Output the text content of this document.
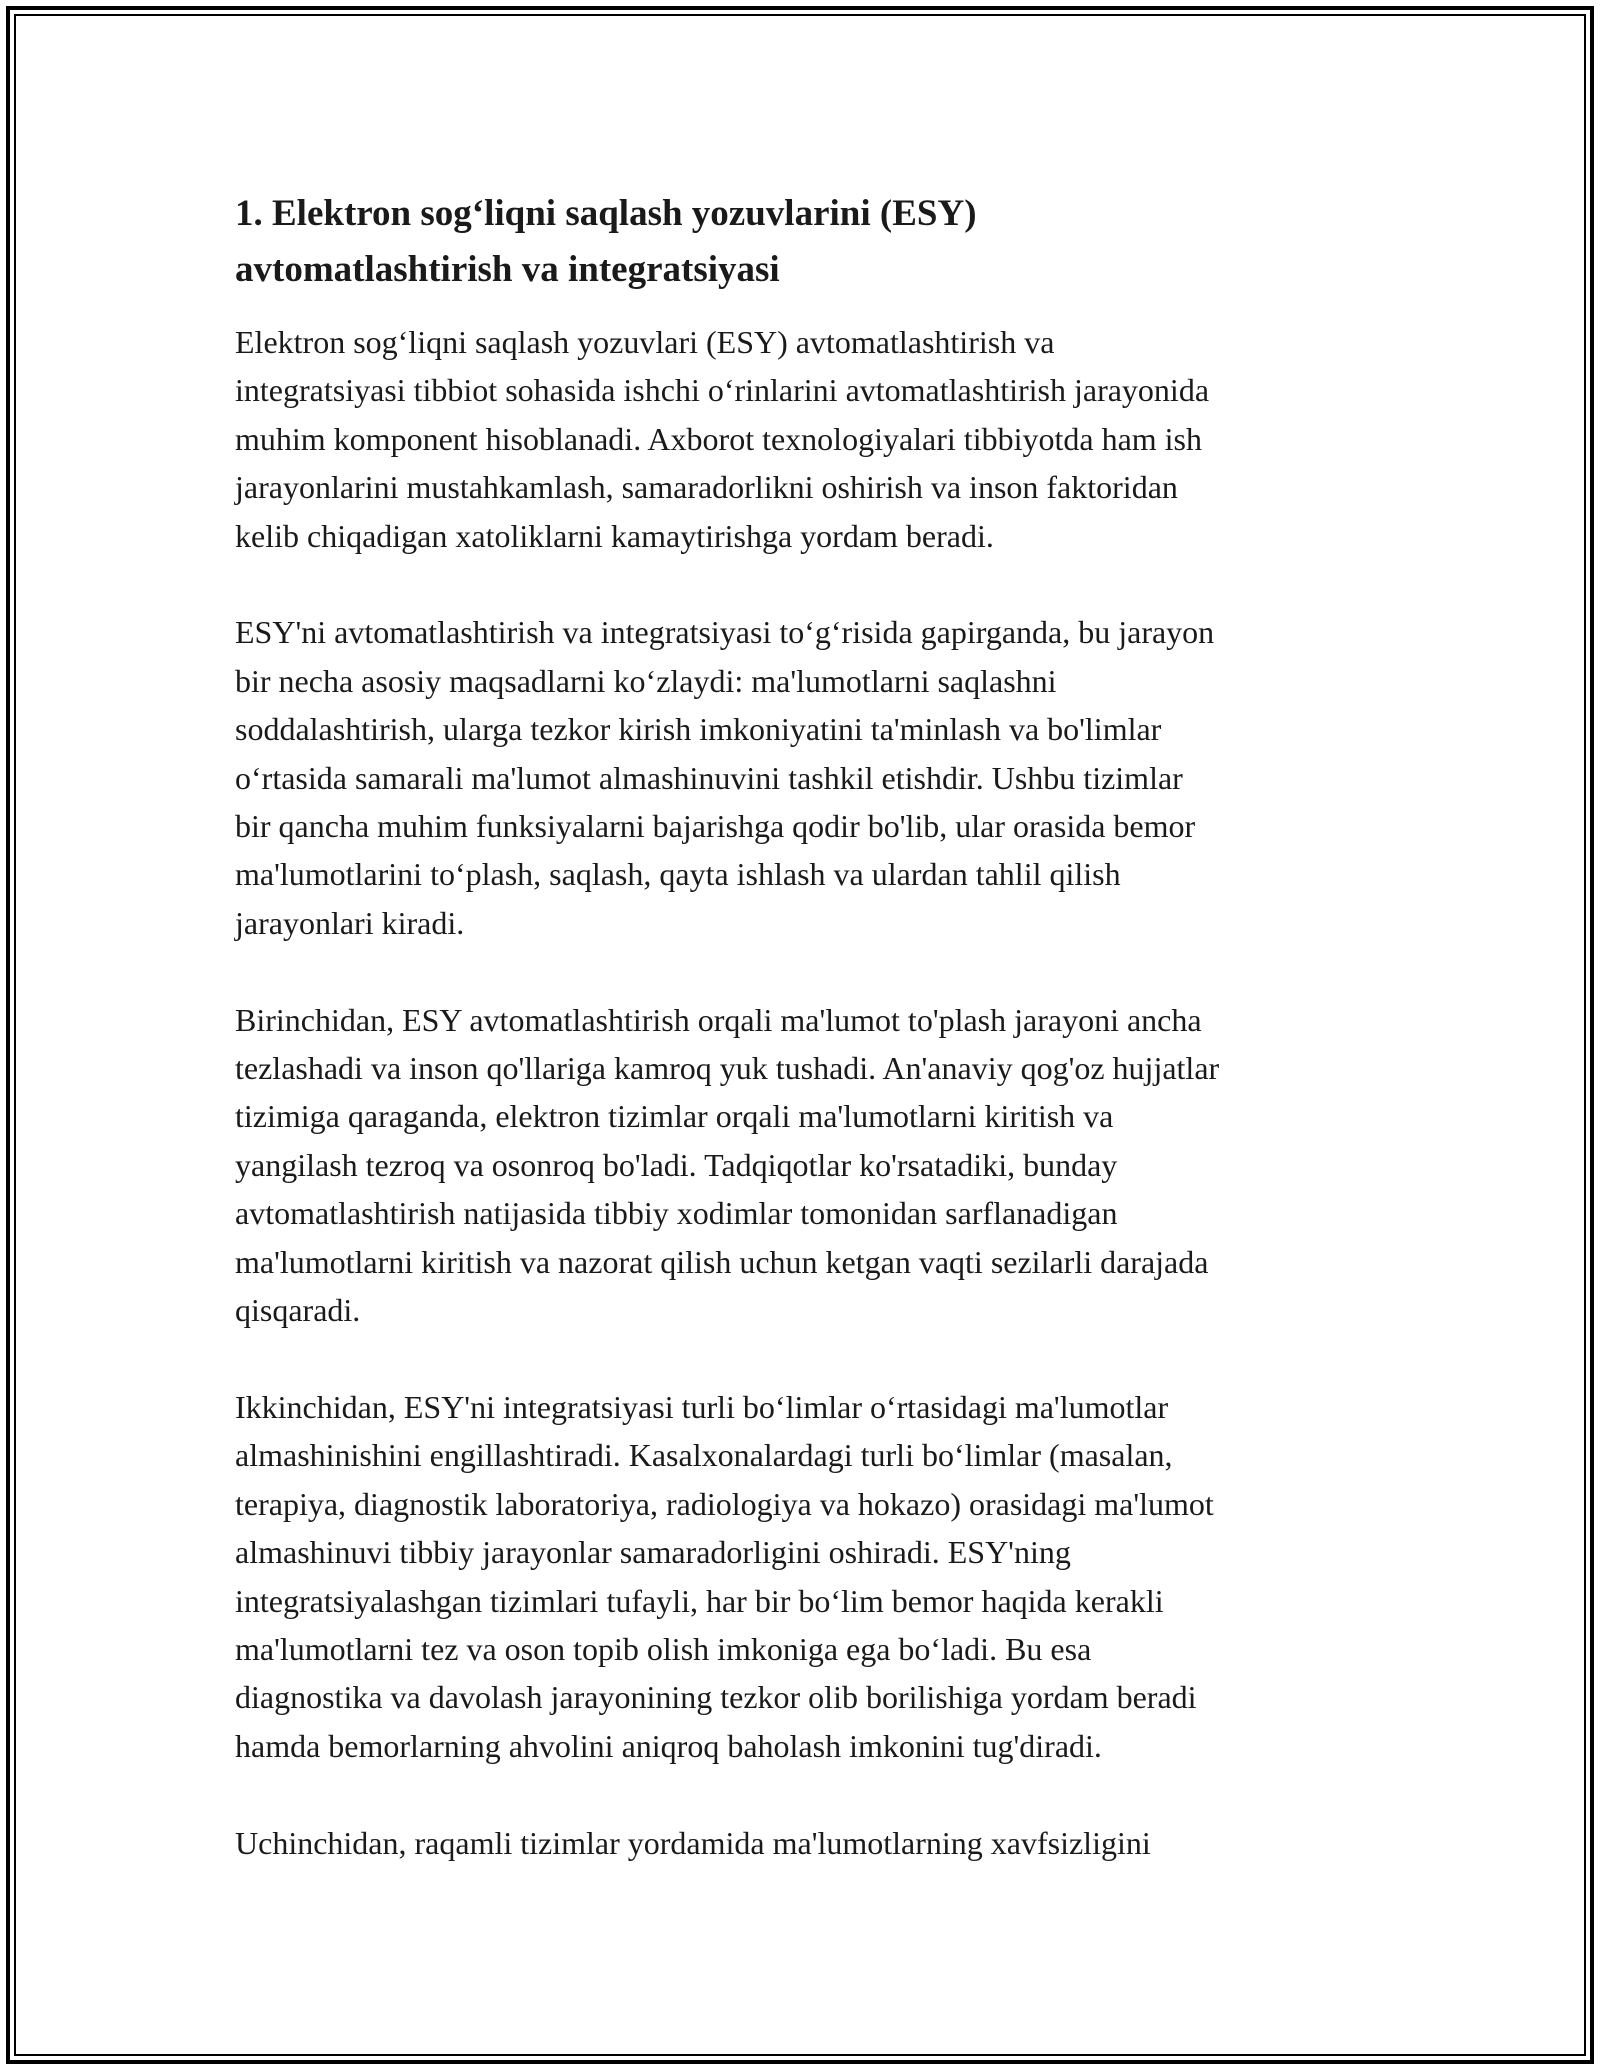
1. Elektron sog‘liqni saqlash yozuvlarini (ESY)
avtomatlashtirish va integratsiyasi

Elektron sog‘liqni saqlash yozuvlari (ESY) avtomatlashtirish va
integratsiyasi tibbiot sohasida ishchi o‘rinlarini avtomatlashtirish jarayonida
muhim komponent hisoblanadi. Axborot texnologiyalari tibbiyotda ham ish
jarayonlarini mustahkamlash, samaradorlikni oshirish va inson faktoridan
kelib chiqadigan xatoliklarni kamaytirishga yordam beradi.

ESY'ni avtomatlashtirish va integratsiyasi to‘g‘risida gapirganda, bu jarayon
bir necha asosiy maqsadlarni ko‘zlaydi: ma'lumotlarni saqlashni
soddalashtirish, ularga tezkor kirish imkoniyatini ta'minlash va bo'limlar
o‘rtasida samarali ma'lumot almashinuvini tashkil etishdir. Ushbu tizimlar
bir qancha muhim funksiyalarni bajarishga qodir bo'lib, ular orasida bemor
ma'lumotlarini to‘plash, saqlash, qayta ishlash va ulardan tahlil qilish
jarayonlari kiradi.

Birinchidan, ESY avtomatlashtirish orqali ma'lumot to'plash jarayoni ancha
tezlashadi va inson qo'llariga kamroq yuk tushadi. An'anaviy qog'oz hujjatlar
tizimiga qaraganda, elektron tizimlar orqali ma'lumotlarni kiritish va
yangilash tezroq va osonroq bo'ladi. Tadqiqotlar ko'rsatadiki, bunday
avtomatlashtirish natijasida tibbiy xodimlar tomonidan sarflanadigan
ma'lumotlarni kiritish va nazorat qilish uchun ketgan vaqti sezilarli darajada
qisqaradi.

Ikkinchidan, ESY'ni integratsiyasi turli bo‘limlar o‘rtasidagi ma'lumotlar
almashinishini engillashtiradi. Kasalxonalardagi turli bo‘limlar (masalan,
terapiya, diagnostik laboratoriya, radiologiya va hokazo) orasidagi ma'lumot
almashinuvi tibbiy jarayonlar samaradorligini oshiradi. ESY'ning
integratsiyalashgan tizimlari tufayli, har bir bo‘lim bemor haqida kerakli
ma'lumotlarni tez va oson topib olish imkoniga ega bo‘ladi. Bu esa
diagnostika va davolash jarayonining tezkor olib borilishiga yordam beradi
hamda bemorlarning ahvolini aniqroq baholash imkonini tug'diradi.

Uchinchidan, raqamli tizimlar yordamida ma'lumotlarning xavfsizligini
